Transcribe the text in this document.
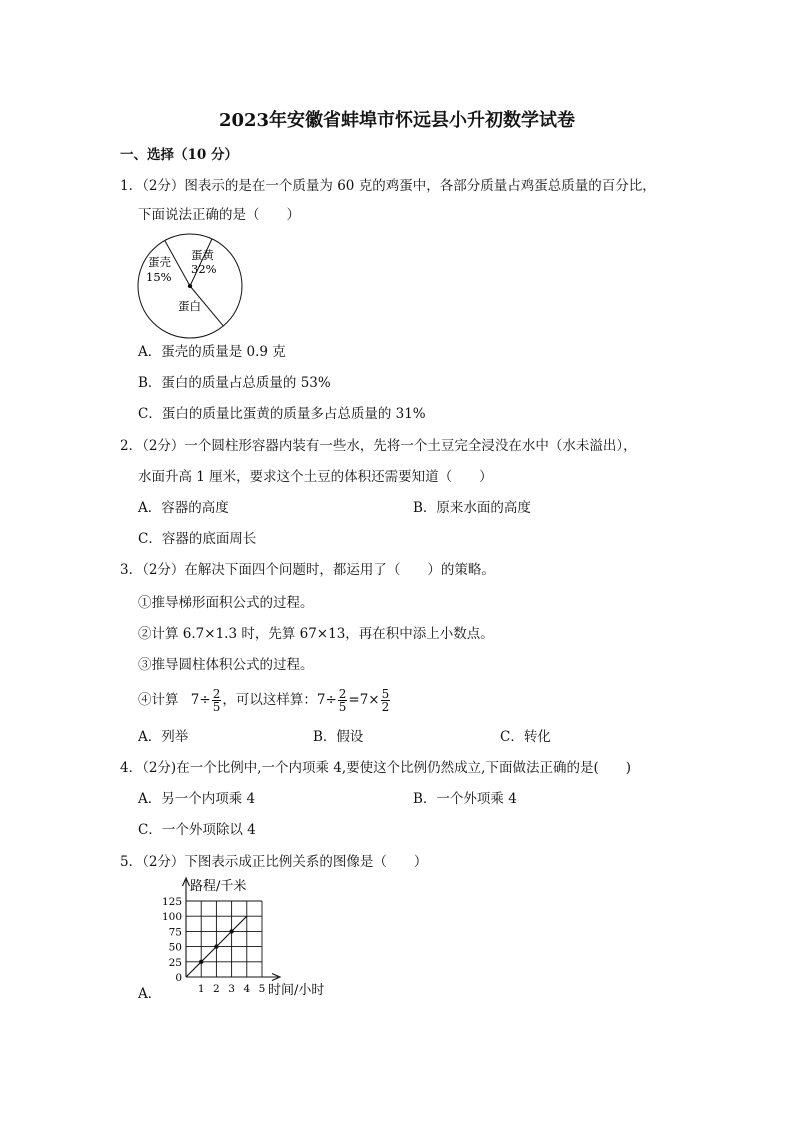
2023年安徽省蚌埠市怀远县小升初数学试卷
一、选择（10 分）
1．（2分）图表示的是在一个质量为 60 克的鸡蛋中，各部分质量占鸡蛋总质量的百分比，
下面说法正确的是（　　）
蛋壳
15%
蛋黄
32%
蛋白
A．蛋壳的质量是 0.9 克
B．蛋白的质量占总质量的 53%
C．蛋白的质量比蛋黄的质量多占总质量的 31%
2．（2分）一个圆柱形容器内装有一些水，先将一个土豆完全浸没在水中（水未溢出），
水面升高 1 厘米，要求这个土豆的体积还需要知道（　　）
A．容器的高度	B．原来水面的高度
C．容器的底面周长
3．（2分）在解决下面四个问题时，都运用了（　　）的策略。
①推导梯形面积公式的过程。
②计算 6.7×1.3 时，先算 67×13，再在积中添上小数点。
③推导圆柱体积公式的过程。
④计算 $7\div \frac{2}{5}$ ，可以这样算：$7\div \frac{2}{5} =7\times \frac{5}{2}$
A．列举	B．假设	C．转化
4．（2分)在一个比例中,一个内项乘 4,要使这个比例仍然成立,下面做法正确的是(　　)
A．另一个内项乘 4	B．一个外项乘 4
C．一个外项除以 4
5．（2分）下图表示成正比例关系的图像是（　　）
A．
0
25
50
75
100
125
1 2 3 4 5
路程/千米
时间/小时
